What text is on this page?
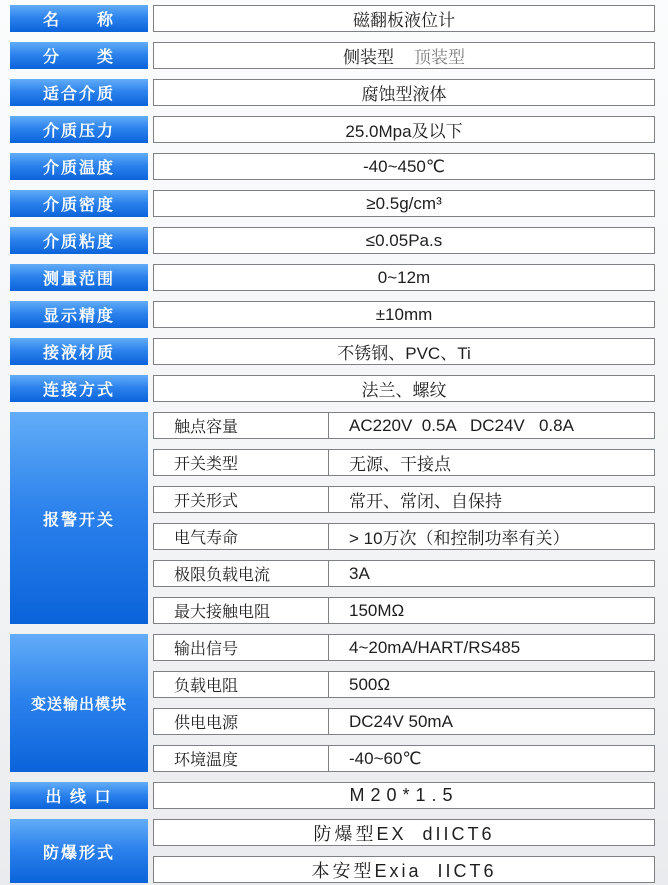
名　　称	磁翻板液位计
分　　类	侧装型 顶装型
适合介质	腐蚀型液体
介质压力	25.0Mpa及以下
介质温度	-40~450℃
介质密度	≥0.5g/cm³
介质粘度	≤0.05Pa.s
测量范围	0~12m
显示精度	±10mm
接液材质	不锈钢、PVC、Ti
连接方式	法兰、螺纹
报警开关
触点容量	AC220V  0.5A   DC24V   0.8A
开关类型	无源、干接点
开关形式	常开、常闭、自保持
电气寿命	> 10万次（和控制功率有关）
极限负载电流	3A
最大接触电阻	150MΩ
变送输出模块
输出信号	4~20mA/HART/RS485
负载电阻	500Ω
供电电源	DC24V 50mA
环境温度	-40~60℃
出 线 口	M20*1.5
防爆形式
防爆型EX  dIICT6
本安型Exia  IICT6
